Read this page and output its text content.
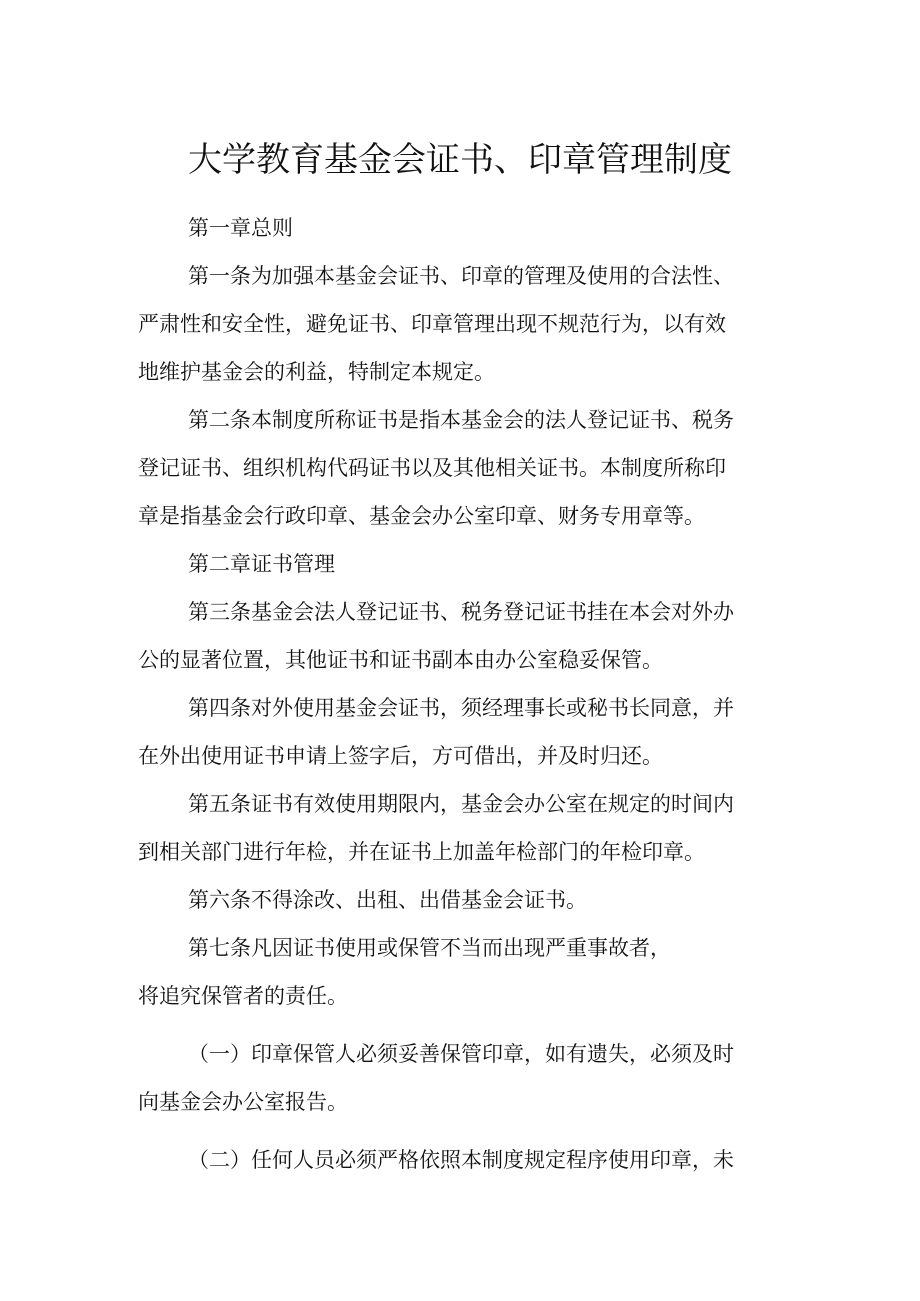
大学教育基金会证书、印章管理制度
第一章总则
第一条为加强本基金会证书、印章的管理及使用的合法性、
严肃性和安全性，避免证书、印章管理出现不规范行为，以有效
地维护基金会的利益，特制定本规定。
第二条本制度所称证书是指本基金会的法人登记证书、税务
登记证书、组织机构代码证书以及其他相关证书。本制度所称印
章是指基金会行政印章、基金会办公室印章、财务专用章等。
第二章证书管理
第三条基金会法人登记证书、税务登记证书挂在本会对外办
公的显著位置，其他证书和证书副本由办公室稳妥保管。
第四条对外使用基金会证书，须经理事长或秘书长同意，并
在外出使用证书申请上签字后，方可借出，并及时归还。
第五条证书有效使用期限内，基金会办公室在规定的时间内
到相关部门进行年检，并在证书上加盖年检部门的年检印章。
第六条不得涂改、出租、出借基金会证书。
第七条凡因证书使用或保管不当而出现严重事故者，
将追究保管者的责任。
（一）印章保管人必须妥善保管印章，如有遗失，必须及时
向基金会办公室报告。
（二）任何人员必须严格依照本制度规定程序使用印章，未
